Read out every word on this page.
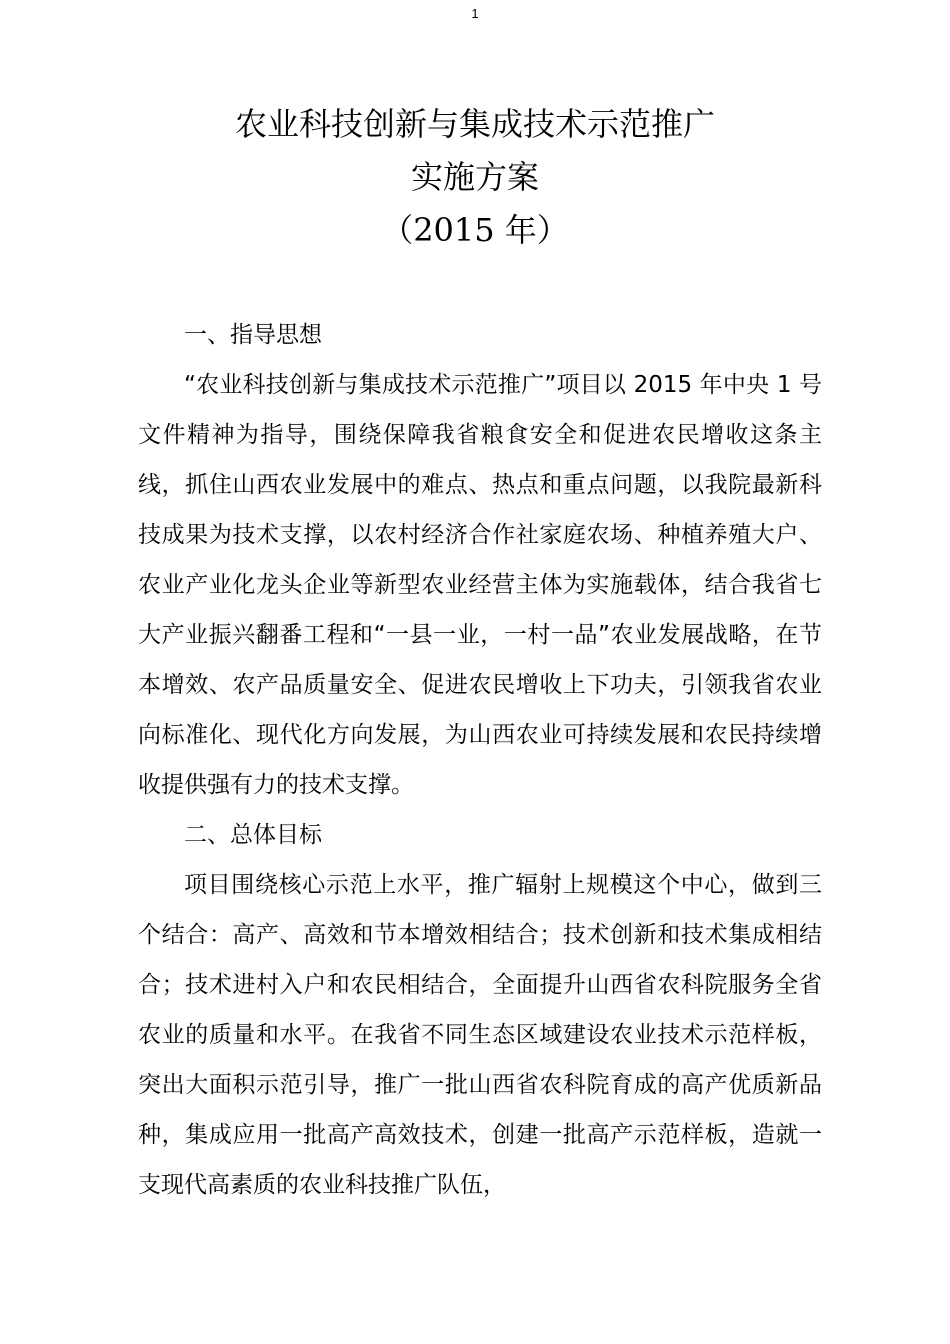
1
农业科技创新与集成技术示范推广
实施方案
（2015 年）

一、指导思想

“农业科技创新与集成技术示范推广”项目以 2015 年中央 1 号文件精神为指导，围绕保障我省粮食安全和促进农民增收这条主线，抓住山西农业发展中的难点、热点和重点问题，以我院最新科技成果为技术支撑，以农村经济合作社家庭农场、种植养殖大户、农业产业化龙头企业等新型农业经营主体为实施载体，结合我省七大产业振兴翻番工程和“一县一业，一村一品”农业发展战略，在节本增效、农产品质量安全、促进农民增收上下功夫，引领我省农业向标准化、现代化方向发展，为山西农业可持续发展和农民持续增收提供强有力的技术支撑。

二、总体目标

项目围绕核心示范上水平，推广辐射上规模这个中心，做到三个结合：高产、高效和节本增效相结合；技术创新和技术集成相结合；技术进村入户和农民相结合，全面提升山西省农科院服务全省农业的质量和水平。在我省不同生态区域建设农业技术示范样板，突出大面积示范引导，推广一批山西省农科院育成的高产优质新品种，集成应用一批高产高效技术，创建一批高产示范样板，造就一支现代高素质的农业科技推广队伍，
